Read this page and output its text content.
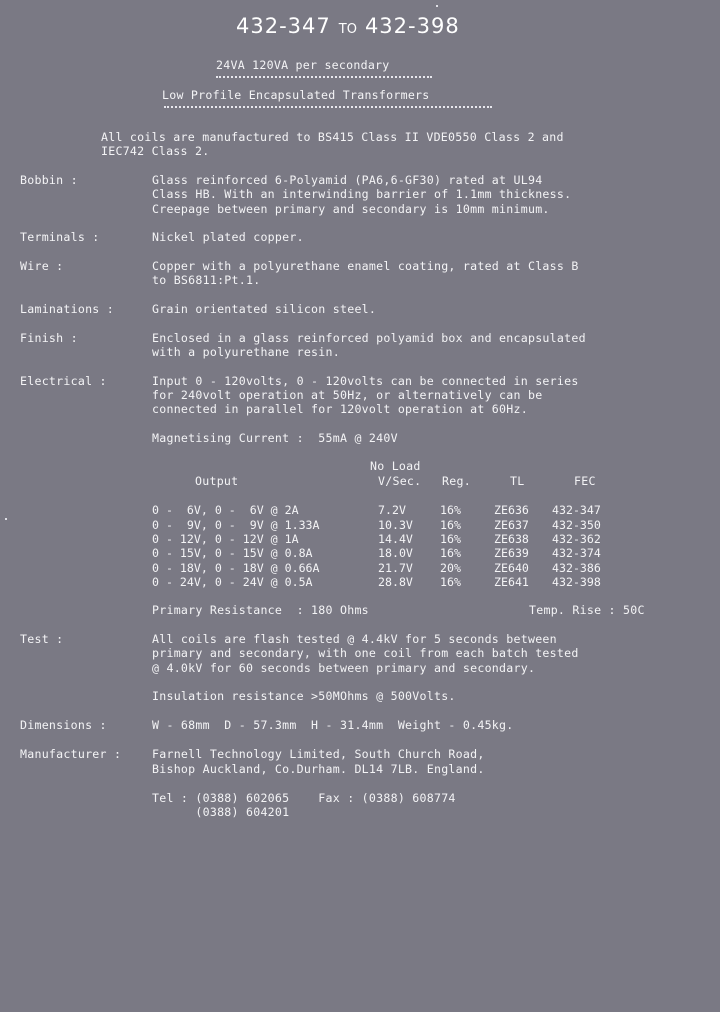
432-347 TO 432-398
24VA 120VA per secondary
Low Profile Encapsulated Transformers
All coils are manufactured to BS415 Class II VDE0550 Class 2 and
IEC742 Class 2.
Bobbin :	Glass reinforced 6-Polyamid (PA6,6-GF30) rated at UL94
Class HB. With an interwinding barrier of 1.1mm thickness.
Creepage between primary and secondary is 10mm minimum.
Terminals :	Nickel plated copper.
Wire :	Copper with a polyurethane enamel coating, rated at Class B
to BS6811:Pt.1.
Laminations :	Grain orientated silicon steel.
Finish :	Enclosed in a glass reinforced polyamid box and encapsulated
with a polyurethane resin.
Electrical :	Input 0 - 120volts, 0 - 120volts can be connected in series
for 240volt operation at 50Hz, or alternatively can be
connected in parallel for 120volt operation at 60Hz.
Magnetising Current :  55mA @ 240V
No Load
Output	V/Sec. Reg.	TL	FEC
0 -  6V, 0 -  6V @ 2A	7.2V	16%	ZE636	432-347
0 -  9V, 0 -  9V @ 1.33A	10.3V	16%	ZE637	432-350
0 - 12V, 0 - 12V @ 1A	14.4V	16%	ZE638	432-362
0 - 15V, 0 - 15V @ 0.8A	18.0V	16%	ZE639	432-374
0 - 18V, 0 - 18V @ 0.66A	21.7V	20%	ZE640	432-386
0 - 24V, 0 - 24V @ 0.5A	28.8V	16%	ZE641	432-398
Primary Resistance  : 180 Ohms	Temp. Rise : 50C
Test :	All coils are flash tested @ 4.4kV for 5 seconds between
primary and secondary, with one coil from each batch tested
@ 4.0kV for 60 seconds between primary and secondary.
Insulation resistance >50MOhms @ 500Volts.
Dimensions :	W - 68mm  D - 57.3mm  H - 31.4mm  Weight - 0.45kg.
Manufacturer :	Farnell Technology Limited, South Church Road,
Bishop Auckland, Co.Durham. DL14 7LB. England.
Tel : (0388) 602065    Fax : (0388) 608774
(0388) 604201
